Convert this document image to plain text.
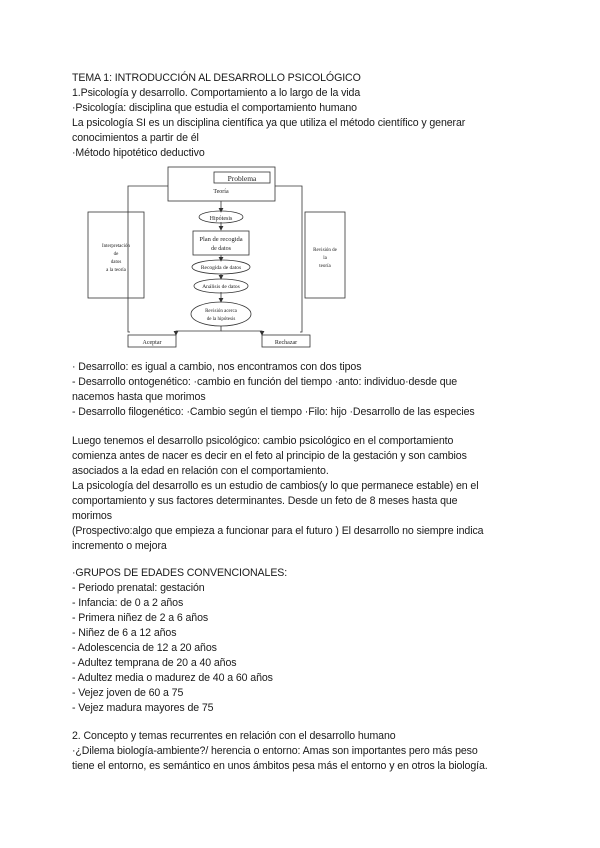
TEMA 1: INTRODUCCIÓN AL DESARROLLO PSICOLÓGICO
1.Psicología y desarrollo. Comportamiento a lo largo de la vida
·Psicología: disciplina que estudia el comportamiento humano
La psicología SI es un disciplina científica ya que utiliza el método científico y generar
conocimientos a partir de él
·Método hipotético deductivo
Problema
Teoría
Hipótesis
Plan de recogida
de datos
Recogida de datos
Análisis de datos
Revisión acerca
de la hipótesis
Interpretación
de
datos
a la teoría
Revisión de
la
teoría
Aceptar	Rechazar
· Desarrollo: es igual a cambio, nos encontramos con dos tipos
- Desarrollo ontogenético: ·cambio en función del tiempo ·anto: individuo·desde que
nacemos hasta que morimos
- Desarrollo filogenético: ·Cambio según el tiempo ·Filo: hijo ·Desarrollo de las especies
Luego tenemos el desarrollo psicológico: cambio psicológico en el comportamiento
comienza antes de nacer es decir en el feto al principio de la gestación y son cambios
asociados a la edad en relación con el comportamiento.
La psicología del desarrollo es un estudio de cambios(y lo que permanece estable) en el
comportamiento y sus factores determinantes. Desde un feto de 8 meses hasta que
morimos
(Prospectivo:algo que empieza a funcionar para el futuro ) El desarrollo no siempre indica
incremento o mejora
·GRUPOS DE EDADES CONVENCIONALES:
- Periodo prenatal: gestación
- Infancia: de 0 a 2 años
- Primera niñez de 2 a 6 años
- Niñez de 6 a 12 años
- Adolescencia de 12 a 20 años
- Adultez temprana de 20 a 40 años
- Adultez media o madurez de 40 a 60 años
- Vejez joven de 60 a 75
- Vejez madura mayores de 75
2. Concepto y temas recurrentes en relación con el desarrollo humano
·¿Dilema biología-ambiente?/ herencia o entorno: Amas son importantes pero más peso
tiene el entorno, es semántico en unos ámbitos pesa más el entorno y en otros la biología.
